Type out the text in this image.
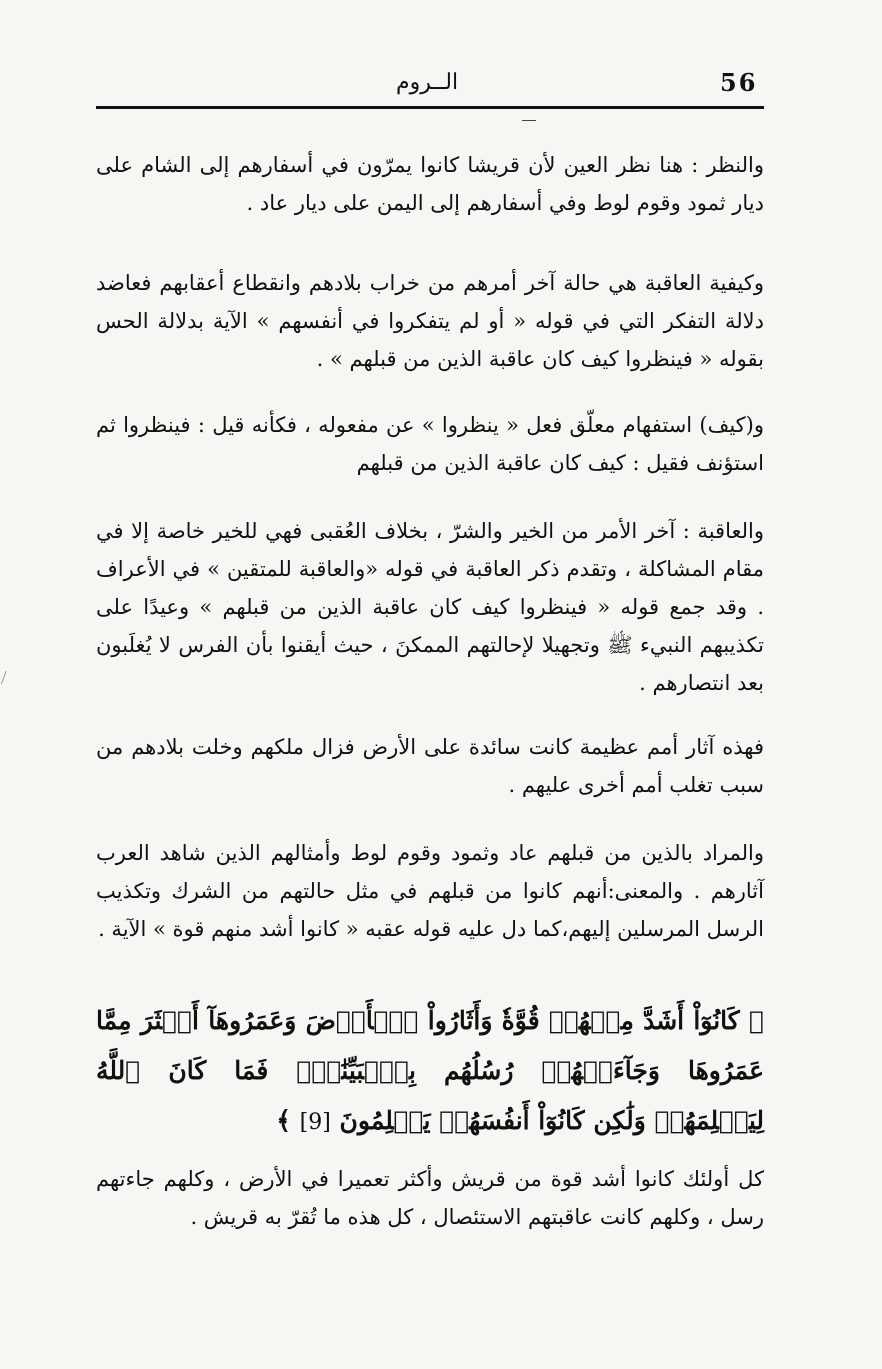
56
الــروم

والنظر : هنا نظر العين لأن قريشا كانوا يمرّون في أسفارهم إلى الشام على ديار ثمود وقوم لوط وفي أسفارهم إلى اليمن على ديار عاد .

وكيفية العاقبة هي حالة آخر أمرهم من خراب بلادهم وانقطاع أعقابهم فعاضد دلالة التفكر التي في قوله « أو لم يتفكروا في أنفسهم » الآية بدلالة الحس بقوله « فينظروا كيف كان عاقبة الذين من قبلهم » .

و(كيف) استفهام معلّق فعل « ينظروا » عن مفعوله ، فكأنه قيل : فينظروا ثم استؤنف فقيل : كيف كان عاقبة الذين من قبلهم

والعاقبة : آخر الأمر من الخير والشرّ ، بخلاف العُقبى فهي للخير خاصة إلا في مقام المشاكلة ، وتقدم ذكر العاقبة في قوله «والعاقبة للمتقين » في الأعراف . وقد جمع قوله « فينظروا كيف كان عاقبة الذين من قبلهم » وعيدًا على تكذيبهم النبيء ﷺ وتجهيلا لإحالتهم الممكنَ ، حيث أيقنوا بأن الفرس لا يُغلَبون بعد انتصارهم .

فهذه آثار أمم عظيمة كانت سائدة على الأرض فزال ملكهم وخلت بلادهم من سبب تغلب أمم أخرى عليهم .

والمراد بالذين من قبلهم عاد وثمود وقوم لوط وأمثالهم الذين شاهد العرب آثارهم . والمعنى:أنهم كانوا من قبلهم في مثل حالتهم من الشرك وتكذيب الرسل المرسلين إليهم،كما دل عليه قوله عقبه « كانوا أشد منهم قوة » الآية .

﴿ كَانُوٓاْ أَشَدَّ مِنۡهُمۡ قُوَّةٗ وَأَثَارُواْ ٱلۡأَرۡضَ وَعَمَرُوهَآ أَكۡثَرَ مِمَّا عَمَرُوهَا وَجَآءَتۡهُمۡ رُسُلُهُم بِٱلۡبَيِّنَٰتِۖ فَمَا كَانَ ٱللَّهُ لِيَظۡلِمَهُمۡ وَلَٰكِن كَانُوٓاْ أَنفُسَهُمۡ يَظۡلِمُونَ [9] ﴾

كل أولئك كانوا أشد قوة من قريش وأكثر تعميرا في الأرض ، وكلهم جاءتهم رسل ، وكلهم كانت عاقبتهم الاستئصال ، كل هذه ما تُقرّ به قريش .
